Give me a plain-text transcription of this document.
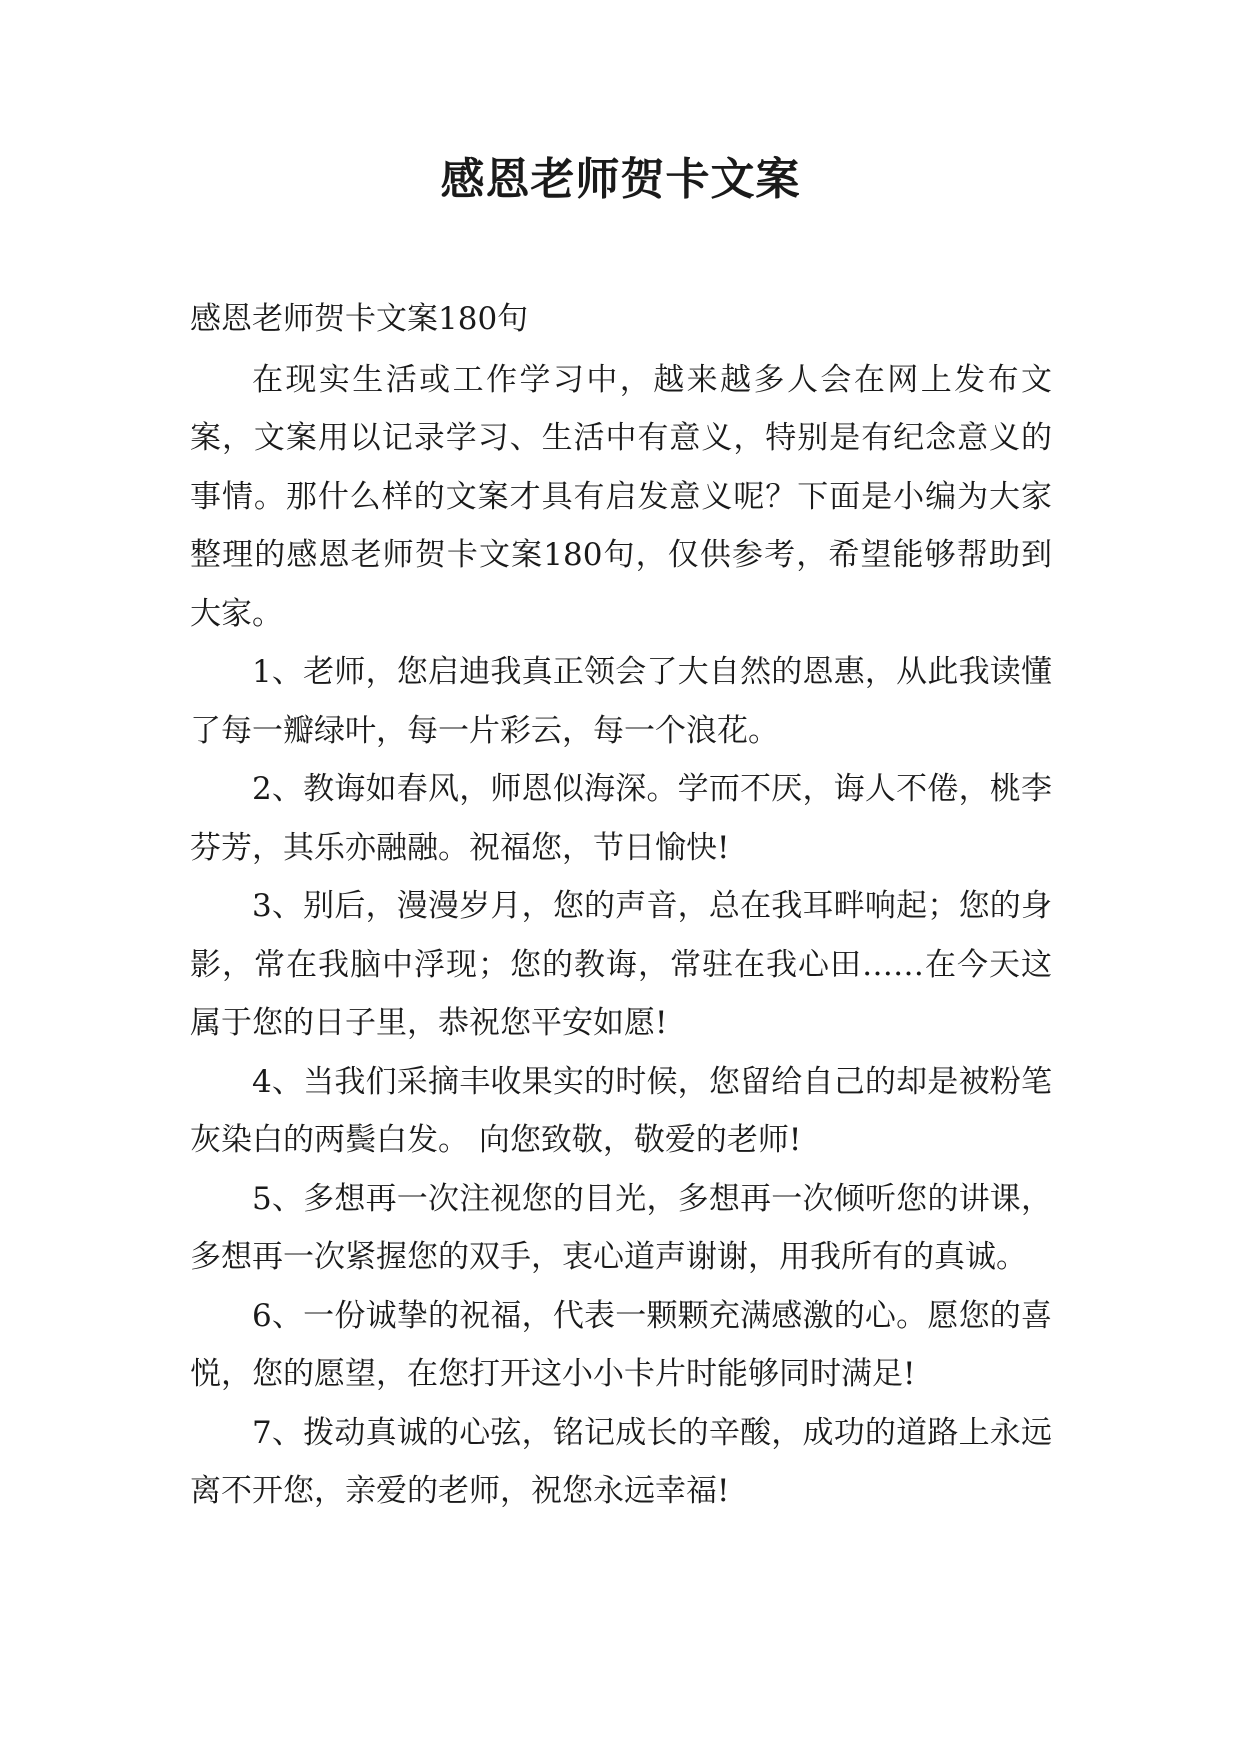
感恩老师贺卡文案

感恩老师贺卡文案180句

在现实生活或工作学习中，越来越多人会在网上发布文案，文案用以记录学习、生活中有意义，特别是有纪念意义的事情。那什么样的文案才具有启发意义呢？下面是小编为大家整理的感恩老师贺卡文案180句，仅供参考，希望能够帮助到大家。

1、老师，您启迪我真正领会了大自然的恩惠，从此我读懂了每一瓣绿叶，每一片彩云，每一个浪花。

2、教诲如春风，师恩似海深。学而不厌，诲人不倦，桃李芬芳，其乐亦融融。祝福您，节日愉快!

3、别后，漫漫岁月，您的声音，总在我耳畔响起；您的身影，常在我脑中浮现；您的教诲，常驻在我心田……在今天这属于您的日子里，恭祝您平安如愿!

4、当我们采摘丰收果实的时候，您留给自己的却是被粉笔灰染白的两鬓白发。 向您致敬，敬爱的老师!

5、多想再一次注视您的目光，多想再一次倾听您的讲课，多想再一次紧握您的双手，衷心道声谢谢，用我所有的真诚。

6、一份诚挚的祝福，代表一颗颗充满感激的心。愿您的喜悦，您的愿望，在您打开这小小卡片时能够同时满足!

7、拨动真诚的心弦，铭记成长的辛酸，成功的道路上永远离不开您，亲爱的老师，祝您永远幸福!
